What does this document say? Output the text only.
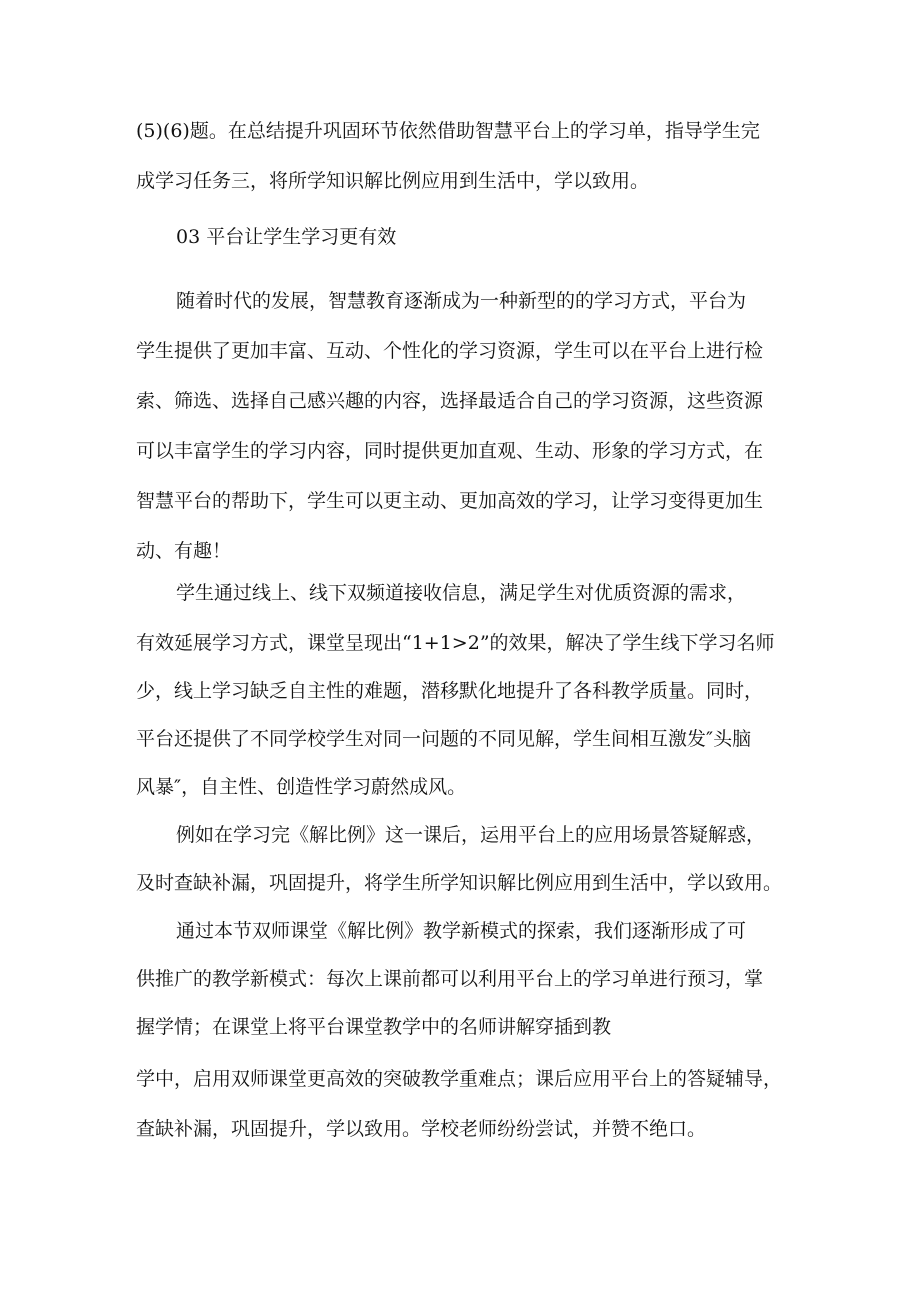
(5)(6)题。在总结提升巩固环节依然借助智慧平台上的学习单，指导学生完

成学习任务三，将所学知识解比例应用到生活中，学以致用。

03 平台让学生学习更有效

随着时代的发展，智慧教育逐渐成为一种新型的的学习方式，平台为

学生提供了更加丰富、互动、个性化的学习资源，学生可以在平台上进行检

索、筛选、选择自己感兴趣的内容，选择最适合自己的学习资源，这些资源

可以丰富学生的学习内容，同时提供更加直观、生动、形象的学习方式，在

智慧平台的帮助下，学生可以更主动、更加高效的学习，让学习变得更加生

动、有趣！

学生通过线上、线下双频道接收信息，满足学生对优质资源的需求，

有效延展学习方式，课堂呈现出“1+1>2”的效果，解决了学生线下学习名师

少，线上学习缺乏自主性的难题，潜移默化地提升了各科教学质量。同时，

平台还提供了不同学校学生对同一问题的不同见解，学生间相互激发″头脑

风暴″，自主性、创造性学习蔚然成风。

例如在学习完《解比例》这一课后，运用平台上的应用场景答疑解惑，

及时查缺补漏，巩固提升，将学生所学知识解比例应用到生活中，学以致用。

通过本节双师课堂《解比例》教学新模式的探索，我们逐渐形成了可

供推广的教学新模式：每次上课前都可以利用平台上的学习单进行预习，掌

握学情；在课堂上将平台课堂教学中的名师讲解穿插到教

学中，启用双师课堂更高效的突破教学重难点；课后应用平台上的答疑辅导，

查缺补漏，巩固提升，学以致用。学校老师纷纷尝试，并赞不绝口。
